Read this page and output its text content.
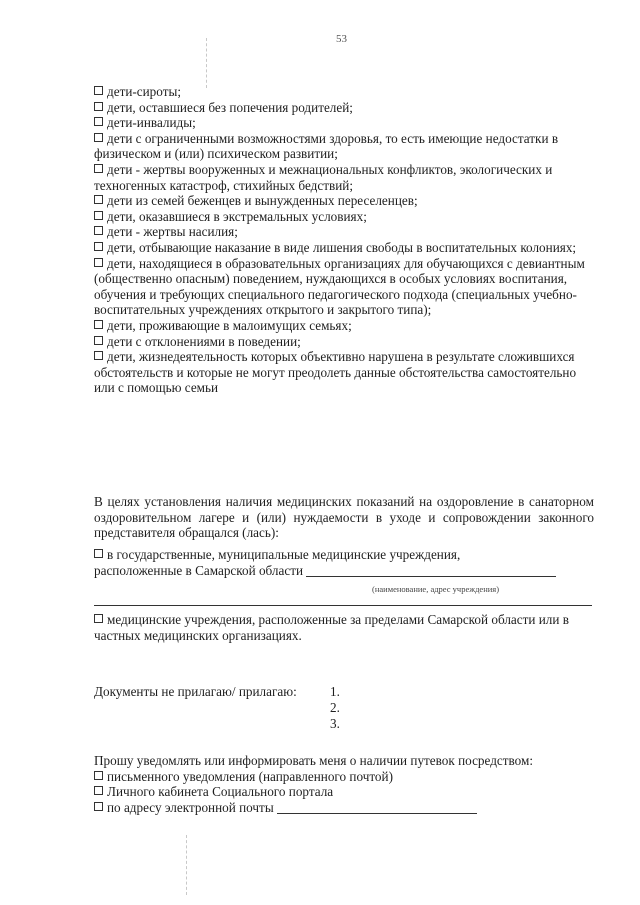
53

дети-сироты;

дети, оставшиеся без попечения родителей;

дети-инвалиды;

дети с ограниченными возможностями здоровья, то есть имеющие недостатки в физическом и (или) психическом развитии;

дети - жертвы вооруженных и межнациональных конфликтов, экологических и техногенных катастроф, стихийных бедствий;

дети из семей беженцев и вынужденных переселенцев;

дети, оказавшиеся в экстремальных условиях;

дети - жертвы насилия;

дети, отбывающие наказание в виде лишения свободы в воспитательных колониях;

дети, находящиеся в образовательных организациях для обучающихся с девиантным (общественно опасным) поведением, нуждающихся в особых условиях воспитания, обучения и требующих специального педагогического подхода (специальных учебно-воспитательных учреждениях открытого и закрытого типа);

дети, проживающие в малоимущих семьях;

дети с отклонениями в поведении;

дети, жизнедеятельность которых объективно нарушена в результате сложившихся обстоятельств и которые не могут преодолеть данные обстоятельства самостоятельно или с помощью семьи

В целях установления наличия медицинских показаний на оздоровление в санаторном оздоровительном лагере и (или) нуждаемости в уходе и сопровождении законного представителя обращался (лась):

в государственные, муниципальные медицинские учреждения,

расположенные в Самарской области

(наименование, адрес учреждения)

медицинские учреждения, расположенные за пределами Самарской области или в частных медицинских организациях.

Документы не прилагаю/ прилагаю:	1.
2.
3.

Прошу уведомлять или информировать меня о наличии путевок посредством:

письменного уведомления (направленного почтой)

Личного кабинета Социального портала

по адресу электронной почты
